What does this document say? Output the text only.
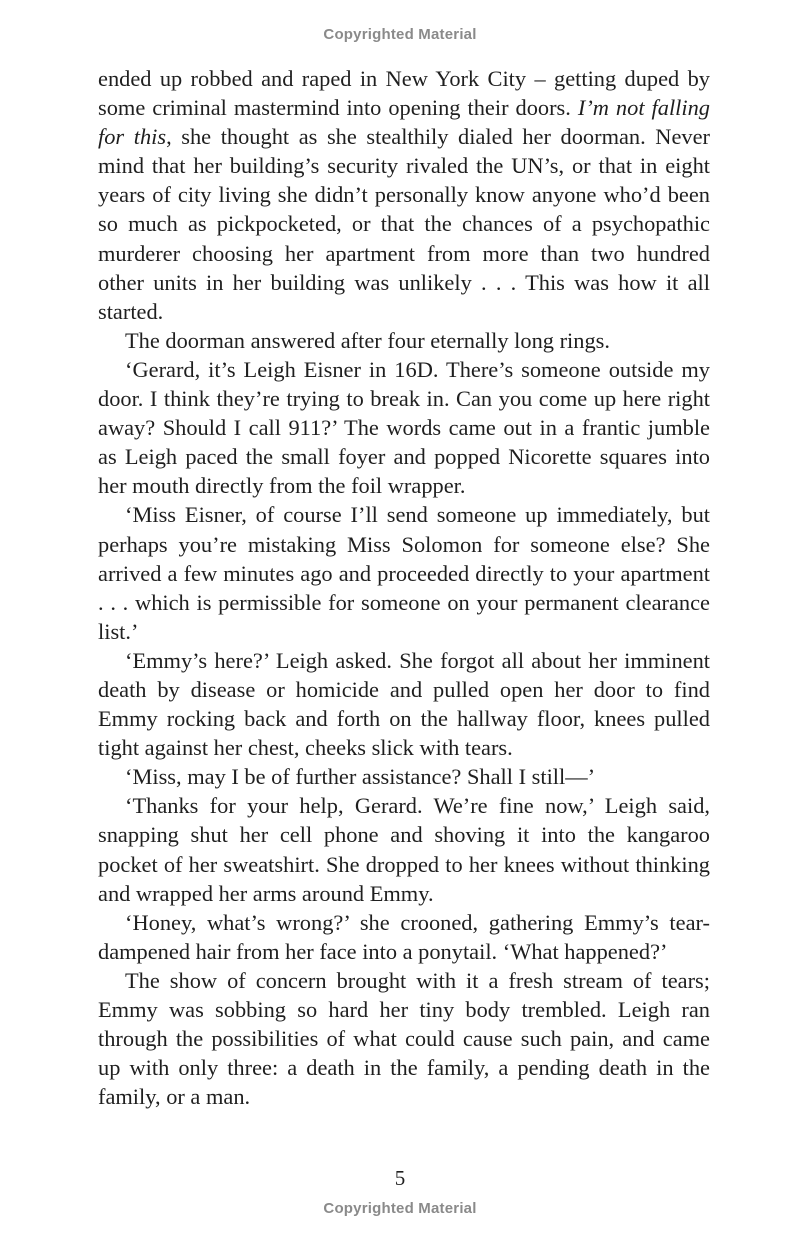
Copyrighted Material

ended up robbed and raped in New York City – getting duped by some criminal mastermind into opening their doors. I’m not falling for this, she thought as she stealthily dialed her doorman. Never mind that her building’s security rivaled the UN’s, or that in eight years of city living she didn’t personally know anyone who’d been so much as pickpocketed, or that the chances of a psychopathic murderer choosing her apartment from more than two hundred other units in her building was unlikely . . . This was how it all started.

The doorman answered after four eternally long rings.

‘Gerard, it’s Leigh Eisner in 16D. There’s someone outside my door. I think they’re trying to break in. Can you come up here right away? Should I call 911?’ The words came out in a frantic jumble as Leigh paced the small foyer and popped Nicorette squares into her mouth directly from the foil wrapper.

‘Miss Eisner, of course I’ll send someone up immediately, but perhaps you’re mistaking Miss Solomon for someone else? She arrived a few minutes ago and proceeded directly to your apartment . . . which is permissible for someone on your permanent clearance list.’

‘Emmy’s here?’ Leigh asked. She forgot all about her imminent death by disease or homicide and pulled open her door to find Emmy rocking back and forth on the hallway floor, knees pulled tight against her chest, cheeks slick with tears.

‘Miss, may I be of further assistance? Shall I still—’

‘Thanks for your help, Gerard. We’re fine now,’ Leigh said, snapping shut her cell phone and shoving it into the kangaroo pocket of her sweatshirt. She dropped to her knees without thinking and wrapped her arms around Emmy.

‘Honey, what’s wrong?’ she crooned, gathering Emmy’s tear-dampened hair from her face into a ponytail. ‘What happened?’

The show of concern brought with it a fresh stream of tears; Emmy was sobbing so hard her tiny body trembled. Leigh ran through the possibilities of what could cause such pain, and came up with only three: a death in the family, a pending death in the family, or a man.

5
Copyrighted Material
